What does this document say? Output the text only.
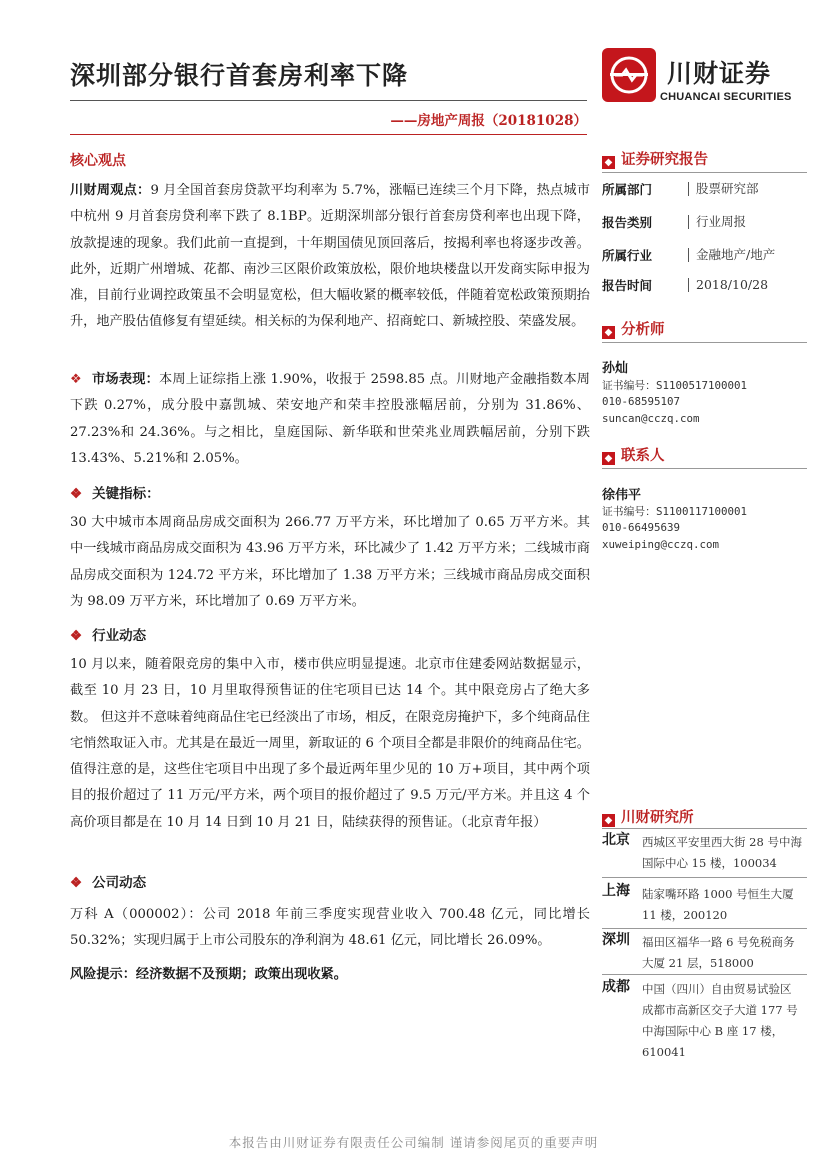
深圳部分银行首套房利率下降
——房地产周报（20181028）
川财证券
CHUANCAI SECURITIES
核心观点
川财周观点：9 月全国首套房贷款平均利率为 5.7%，涨幅已连续三个月下降，热点城市中杭州 9 月首套房贷利率下跌了 8.1BP。近期深圳部分银行首套房贷利率也出现下降，放款提速的现象。我们此前一直提到，十年期国债见顶回落后，按揭利率也将逐步改善。此外，近期广州增城、花都、南沙三区限价政策放松，限价地块楼盘以开发商实际申报为准，目前行业调控政策虽不会明显宽松，但大幅收紧的概率较低，伴随着宽松政策预期抬升，地产股估值修复有望延续。相关标的为保利地产、招商蛇口、新城控股、荣盛发展。
❖ 市场表现：本周上证综指上涨 1.90%，收报于 2598.85 点。川财地产金融指数本周下跌 0.27%，成分股中嘉凯城、荣安地产和荣丰控股涨幅居前，分别为 31.86%、27.23%和 24.36%。与之相比，皇庭国际、新华联和世荣兆业周跌幅居前，分别下跌 13.43%、5.21%和 2.05%。
❖ 关键指标：
30 大中城市本周商品房成交面积为 266.77 万平方米，环比增加了 0.65 万平方米。其中一线城市商品房成交面积为 43.96 万平方米，环比减少了 1.42 万平方米；二线城市商品房成交面积为 124.72 平方米，环比增加了 1.38 万平方米；三线城市商品房成交面积为 98.09 万平方米，环比增加了 0.69 万平方米。
❖ 行业动态
10 月以来，随着限竞房的集中入市，楼市供应明显提速。北京市住建委网站数据显示，截至 10 月 23 日，10 月里取得预售证的住宅项目已达 14 个。其中限竞房占了绝大多数。 但这并不意味着纯商品住宅已经淡出了市场，相反，在限竞房掩护下，多个纯商品住宅悄然取证入市。尤其是在最近一周里，新取证的 6 个项目全都是非限价的纯商品住宅。值得注意的是，这些住宅项目中出现了多个最近两年里少见的 10 万+项目，其中两个项目的报价超过了 11 万元/平方米，两个项目的报价超过了 9.5 万元/平方米。并且这 4 个高价项目都是在 10 月 14 日到 10 月 21 日，陆续获得的预售证。（北京青年报）
❖ 公司动态
万科 A（000002）：公司 2018 年前三季度实现营业收入 700.48 亿元，同比增长 50.32%；实现归属于上市公司股东的净利润为 48.61 亿元，同比增长 26.09%。
风险提示：经济数据不及预期；政策出现收紧。
◆ 证券研究报告
所属部门	股票研究部
报告类别	行业周报
所属行业	金融地产/地产
报告时间	2018/10/28
◆ 分析师
孙灿
证书编号：S1100517100001
010-68595107
suncan@cczq.com
◆ 联系人
徐伟平
证书编号：S1100117100001
010-66495639
xuweiping@cczq.com
◆ 川财研究所
北京 西城区平安里西大街 28 号中海国际中心 15 楼，100034
上海 陆家嘴环路 1000 号恒生大厦 11 楼，200120
深圳 福田区福华一路 6 号免税商务大厦 21 层，518000
成都 中国（四川）自由贸易试验区成都市高新区交子大道 177 号中海国际中心 B 座 17 楼，610041
本报告由川财证券有限责任公司编制 谨请参阅尾页的重要声明
